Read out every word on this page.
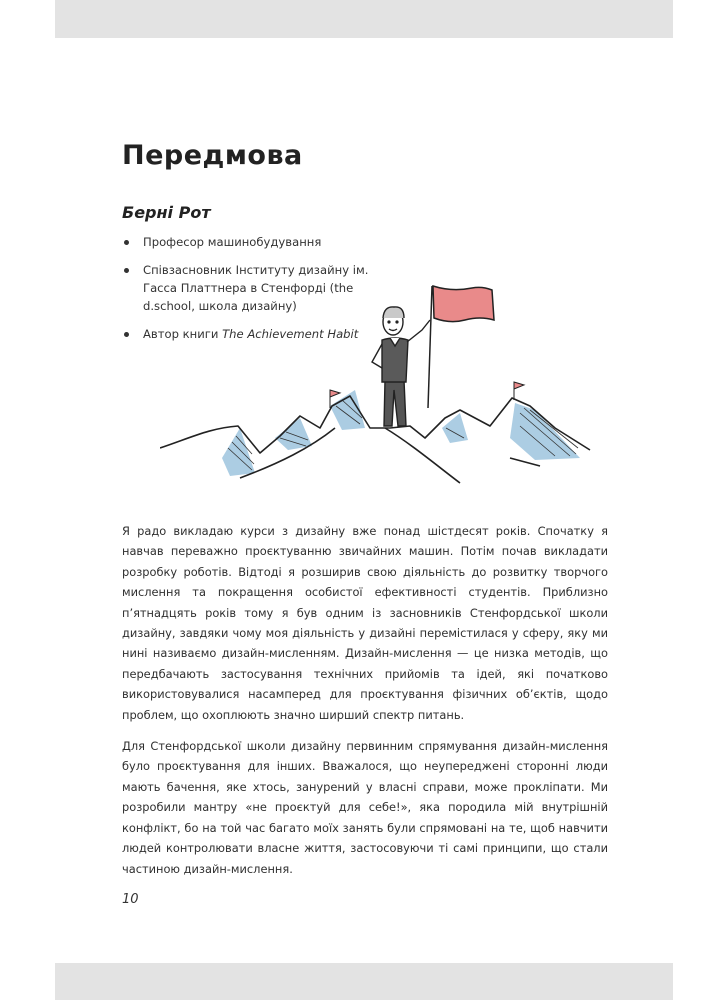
Передмова
Берні Рот
Професор машинобудування
Співзасновник Інституту дизайну ім. Гасса Платтнера в Стенфорді (the d.school, школа дизайну)
Автор книги The Achievement Habit

Я радо викладаю курси з дизайну вже понад шістдесят років. Спочатку я навчав переважно проєктуванню звичайних машин. Потім почав викладати розробку роботів. Відтоді я розширив свою діяльність до розвитку творчого мислення та покращення особистої ефективності студентів. Приблизно п’ятнадцять років тому я був одним із засновників Стенфордської школи дизайну, завдяки чому моя діяльність у дизайні перемістилася у сферу, яку ми нині називаємо дизайн-мисленням. Дизайн-мислення — це низка методів, що передбачають застосування технічних прийомів та ідей, які початково використовувалися насамперед для проєктування фізичних об’єктів, щодо проблем, що охоплюють значно ширший спектр питань.

Для Стенфордської школи дизайну первинним спрямування дизайн-мислення було проєктування для інших. Вважалося, що неупереджені сторонні люди мають бачення, яке хтось, занурений у власні справи, може проклiпати. Ми розробили мантру «не проєктуй для себе!», яка породила мій внутрішній конфлікт, бо на той час багато моїх занять були спрямовані на те, щоб навчити людей контролювати власне життя, застосовуючи ті самі принципи, що стали частиною дизайн-мислення.

10
